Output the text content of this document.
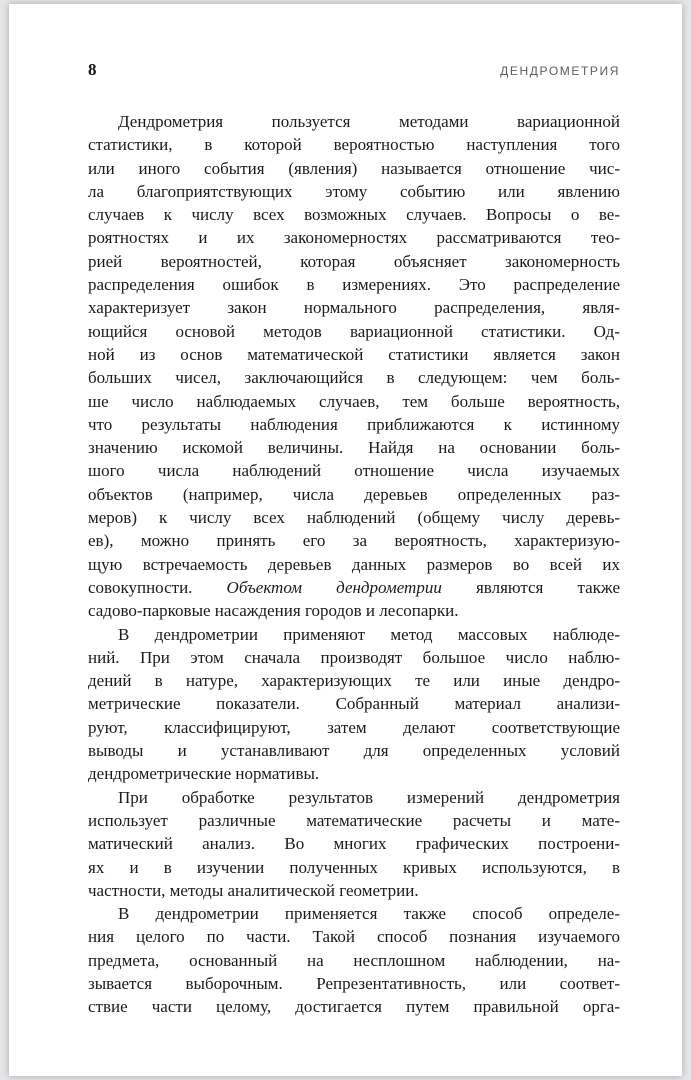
8	ДЕНДРОМЕТРИЯ
Дендрометрия пользуется методами вариационной
статистики, в которой вероятностью наступления того
или иного события (явления) называется отношение чис-
ла благоприятствующих этому событию или явлению
случаев к числу всех возможных случаев. Вопросы о ве-
роятностях и их закономерностях рассматриваются тео-
рией вероятностей, которая объясняет закономерность
распределения ошибок в измерениях. Это распределение
характеризует закон нормального распределения, явля-
ющийся основой методов вариационной статистики. Од-
ной из основ математической статистики является закон
больших чисел, заключающийся в следующем: чем боль-
ше число наблюдаемых случаев, тем больше вероятность,
что результаты наблюдения приближаются к истинному
значению искомой величины. Найдя на основании боль-
шого числа наблюдений отношение числа изучаемых
объектов (например, числа деревьев определенных раз-
меров) к числу всех наблюдений (общему числу деревь-
ев), можно принять его за вероятность, характеризую-
щую встречаемость деревьев данных размеров во всей их
совокупности. Объектом дендрометрии являются также
садово-парковые насаждения городов и лесопарки.
В дендрометрии применяют метод массовых наблюде-
ний. При этом сначала производят большое число наблю-
дений в натуре, характеризующих те или иные дендро-
метрические показатели. Собранный материал анализи-
руют, классифицируют, затем делают соответствующие
выводы и устанавливают для определенных условий
дендрометрические нормативы.
При обработке результатов измерений дендрометрия
использует различные математические расчеты и мате-
матический анализ. Во многих графических построени-
ях и в изучении полученных кривых используются, в
частности, методы аналитической геометрии.
В дендрометрии применяется также способ определе-
ния целого по части. Такой способ познания изучаемого
предмета, основанный на несплошном наблюдении, на-
зывается выборочным. Репрезентативность, или соответ-
ствие части целому, достигается путем правильной орга-
